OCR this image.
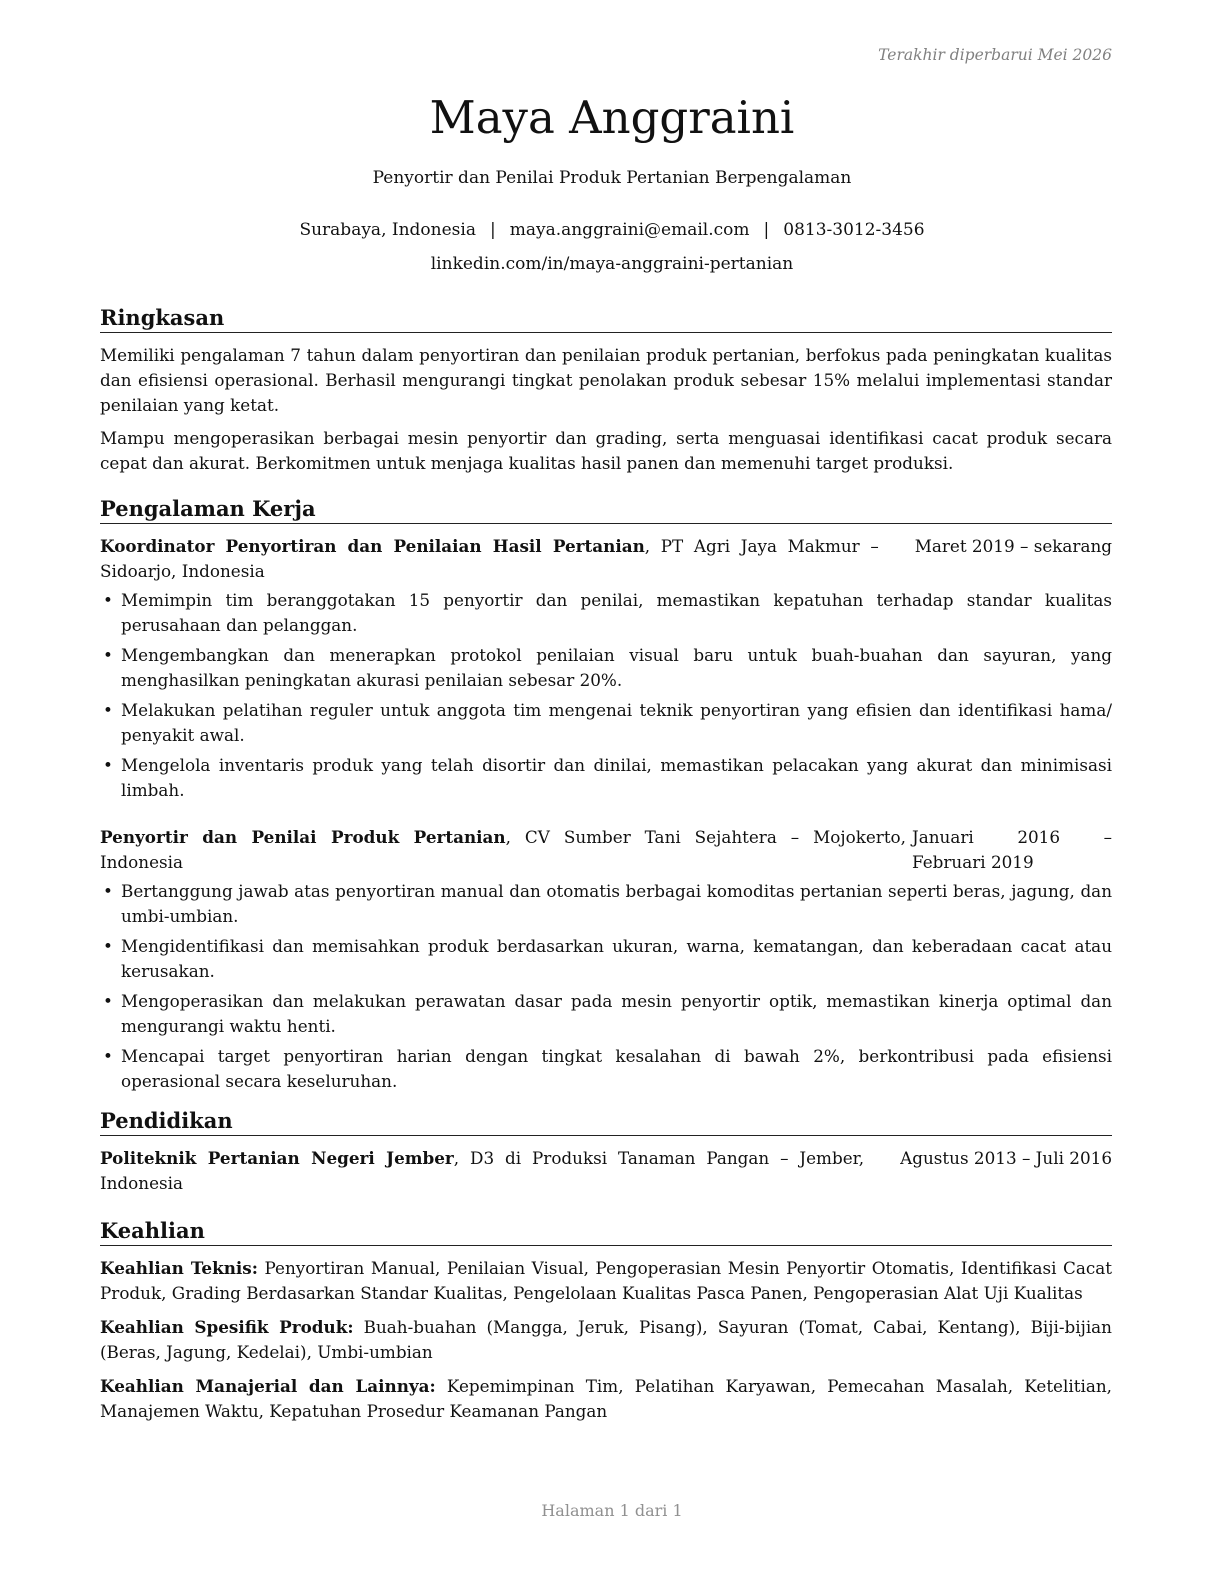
Terakhir diperbarui Mei 2026
Maya Anggraini
Penyortir dan Penilai Produk Pertanian Berpengalaman
Surabaya, Indonesia | maya.anggraini@email.com | 0813-3012-3456
linkedin.com/in/maya-anggraini-pertanian
Ringkasan

Memiliki pengalaman 7 tahun dalam penyortiran dan penilaian produk pertanian, berfokus pada peningkatan kualitas dan efisiensi operasional. Berhasil mengurangi tingkat penolakan produk sebesar 15% melalui implementasi standar penilaian yang ketat.

Mampu mengoperasikan berbagai mesin penyortir dan grading, serta menguasai identifikasi cacat produk secara cepat dan akurat. Berkomitmen untuk menjaga kualitas hasil panen dan memenuhi target produksi.

Pengalaman Kerja
Koordinator Penyortiran dan Penilaian Hasil Pertanian, PT Agri Jaya Makmur – Sidoarjo, Indonesia
Maret 2019 – sekarang
• Memimpin tim beranggotakan 15 penyortir dan penilai, memastikan kepatuhan terhadap standar kualitas perusahaan dan pelanggan.
• Mengembangkan dan menerapkan protokol penilaian visual baru untuk buah-buahan dan sayuran, yang menghasilkan peningkatan akurasi penilaian sebesar 20%.
• Melakukan pelatihan reguler untuk anggota tim mengenai teknik penyortiran yang efisien dan identifikasi hama/ penyakit awal.
• Mengelola inventaris produk yang telah disortir dan dinilai, memastikan pelacakan yang akurat dan minimisasi limbah.
Penyortir dan Penilai Produk Pertanian, CV Sumber Tani Sejahtera – Mojokerto, Indonesia
Januari 2016 – Februari 2019
• Bertanggung jawab atas penyortiran manual dan otomatis berbagai komoditas pertanian seperti beras, jagung, dan umbi-umbian.
• Mengidentifikasi dan memisahkan produk berdasarkan ukuran, warna, kematangan, dan keberadaan cacat atau kerusakan.
• Mengoperasikan dan melakukan perawatan dasar pada mesin penyortir optik, memastikan kinerja optimal dan mengurangi waktu henti.
• Mencapai target penyortiran harian dengan tingkat kesalahan di bawah 2%, berkontribusi pada efisiensi operasional secara keseluruhan.
Pendidikan
Politeknik Pertanian Negeri Jember, D3 di Produksi Tanaman Pangan – Jember, Indonesia
Agustus 2013 – Juli 2016
Keahlian

Keahlian Teknis: Penyortiran Manual, Penilaian Visual, Pengoperasian Mesin Penyortir Otomatis, Identifikasi Cacat Produk, Grading Berdasarkan Standar Kualitas, Pengelolaan Kualitas Pasca Panen, Pengoperasian Alat Uji Kualitas

Keahlian Spesifik Produk: Buah-buahan (Mangga, Jeruk, Pisang), Sayuran (Tomat, Cabai, Kentang), Biji-bijian (Beras, Jagung, Kedelai), Umbi-umbian

Keahlian Manajerial dan Lainnya: Kepemimpinan Tim, Pelatihan Karyawan, Pemecahan Masalah, Ketelitian, Manajemen Waktu, Kepatuhan Prosedur Keamanan Pangan

Halaman 1 dari 1
